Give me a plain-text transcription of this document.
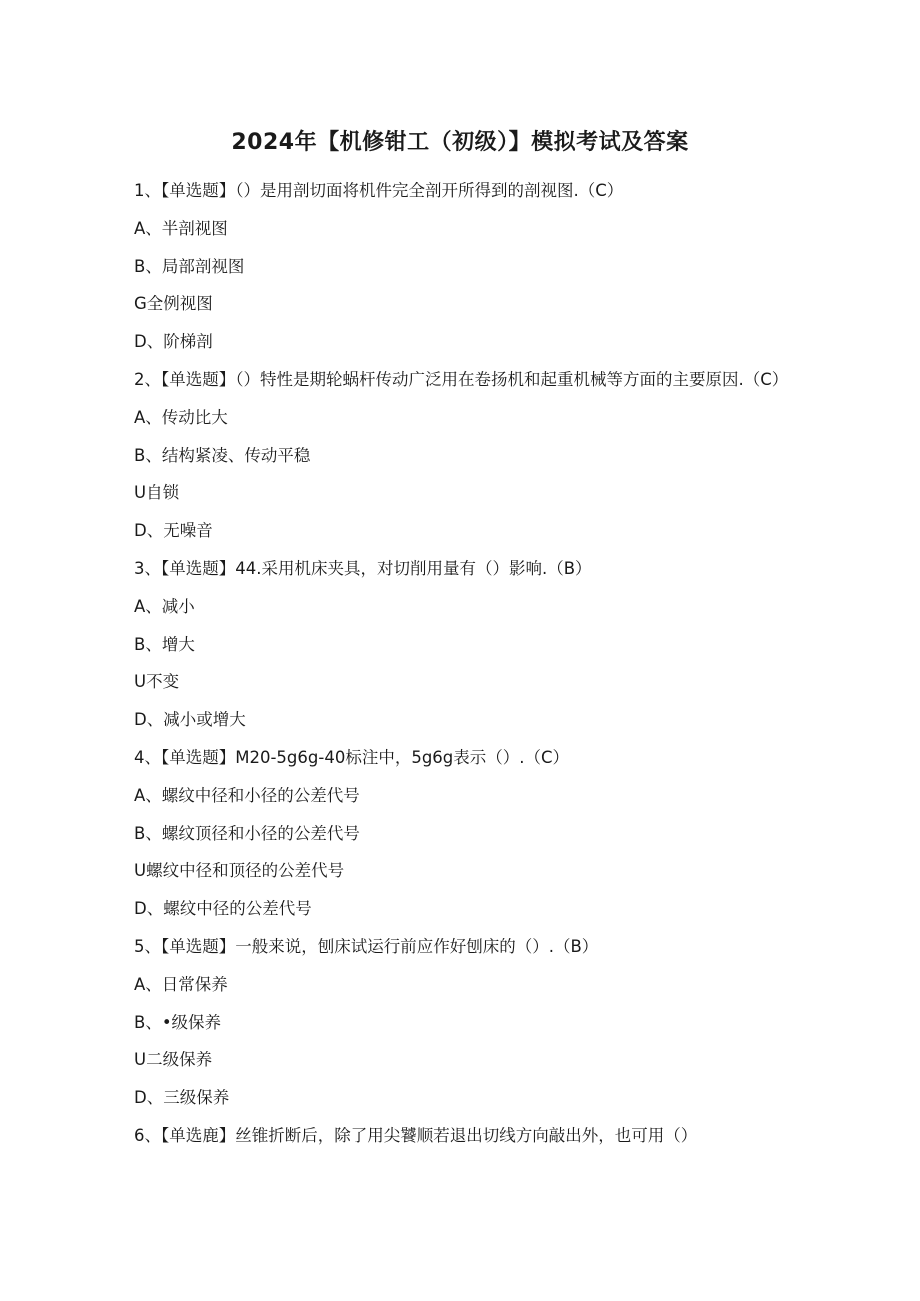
2024年【机修钳工（初级）】模拟考试及答案
1、【单选题】（）是用剖切面将机件完全剖开所得到的剖视图.（C）
A、半剖视图
B、局部剖视图
G全例视图
D、阶梯剖
2、【单选题】（）特性是期轮蜗杆传动广泛用在卷扬机和起重机械等方面的主要原因.（C）
A、传动比大
B、结构紧凌、传动平稳
U自锁
D、无噪音
3、【单选题】44.采用机床夹具，对切削用量有（）影响.（B）
A、减小
B、增大
U不变
D、减小或增大
4、【单选题】M20-5g6g-40标注中，5g6g表示（）.（C）
A、螺纹中径和小径的公差代号
B、螺纹顶径和小径的公差代号
U螺纹中径和顶径的公差代号
D、螺纹中径的公差代号
5、【单选题】一般来说，刨床试运行前应作好刨床的（）.（B）
A、日常保养
B、•级保养
U二级保养
D、三级保养
6、【单选鹿】丝锥折断后，除了用尖饕顺若退出切线方向敲出外，也可用（）
